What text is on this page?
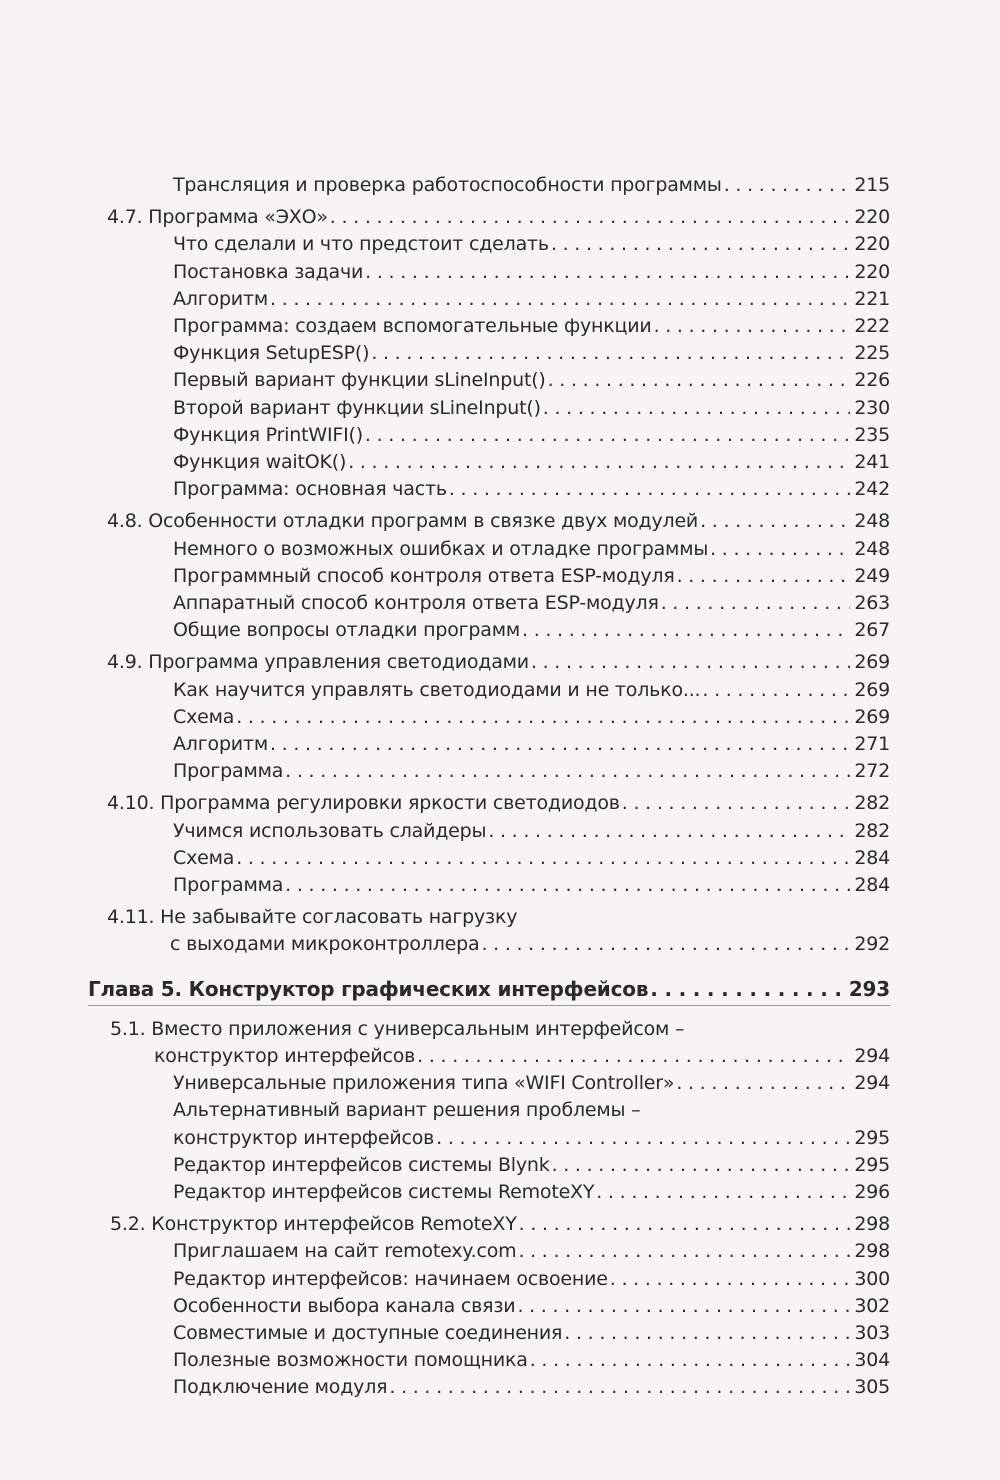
Трансляция и проверка работоспособности программы . . .	215
4.7. Программа «ЭХО» . . .	220
Что сделали и что предстоит сделать . . .	220
Постановка задачи . . .	220
Алгоритм . . .	221
Программа: создаем вспомогательные функции . . .	222
Функция SetupESP() . . .	225
Первый вариант функции sLineInput() . . .	226
Второй вариант функции sLineInput() . . .	230
Функция PrintWIFI() . . .	235
Функция waitOK() . . .	241
Программа: основная часть . . .	242
4.8. Особенности отладки программ в связке двух модулей . . .	248
Немного о возможных ошибках и отладке программы . . .	248
Программный способ контроля ответа ESP-модуля . . .	249
Аппаратный способ контроля ответа ESP-модуля . . .	263
Общие вопросы отладки программ . . .	267
4.9. Программа управления светодиодами . . .	269
Как научится управлять светодиодами и не только... . . .	269
Схема . . .	269
Алгоритм . . .	271
Программа . . .	272
4.10. Программа регулировки яркости светодиодов . . .	282
Учимся использовать слайдеры . . .	282
Схема . . .	284
Программа . . .	284
4.11. Не забывайте согласовать нагрузку
с выходами микроконтроллера . . .	292
Глава 5. Конструктор графических интерфейсов . . .	293
5.1. Вместо приложения с универсальным интерфейсом –
конструктор интерфейсов . . .	294
Универсальные приложения типа «WIFI Controller» . . .	294
Альтернативный вариант решения проблемы –
конструктор интерфейсов . . .	295
Редактор интерфейсов системы Blynk . . .	295
Редактор интерфейсов системы RemoteXY . . .	296
5.2. Конструктор интерфейсов RemoteXY . . .	298
Приглашаем на сайт remotexy.com . . .	298
Редактор интерфейсов: начинаем освоение . . .	300
Особенности выбора канала связи . . .	302
Совместимые и доступные соединения . . .	303
Полезные возможности помощника . . .	304
Подключение модуля . . .	305
